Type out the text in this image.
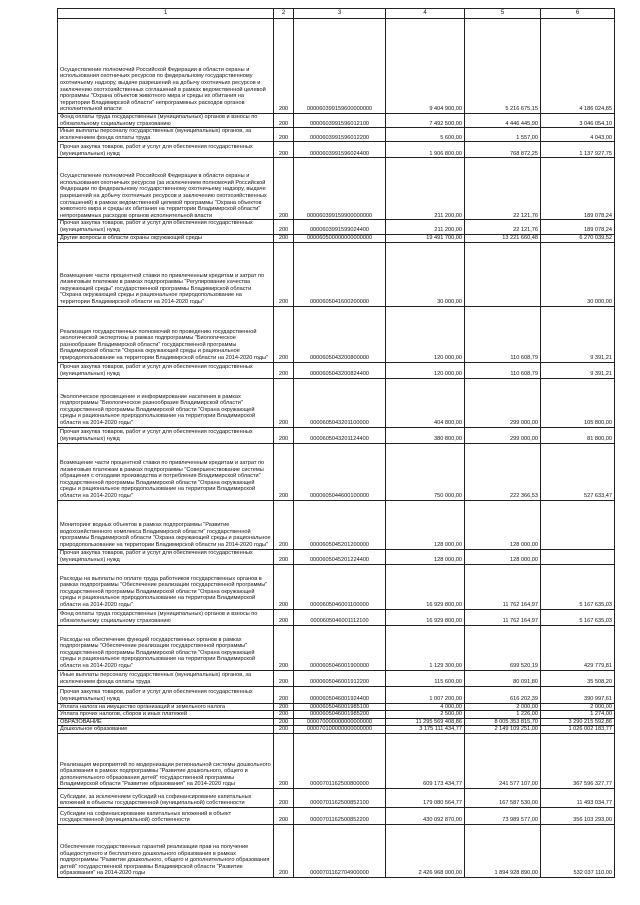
1	2	3	4	5	6
Осуществление полномочий Российской Федерации в области охраны и использования охотничьих ресурсов по федеральному государственному охотничьему надзору, выдаче разрешений на добычу охотничьих ресурсов и заключению охотхозяйственных соглашений в рамках ведомственной целевой программы "Охрана объектов животного мира и среды их обитания на территории Владимирской области" непрограммных расходов органов исполнительной власти	200	000060399159600000000	9 404 900,00	5 216 675,15	4 186 024,85
Фонд оплаты труда государственных (муниципальных) органов и взносы по обязательному социальному страхованию	200	0000603991596012100	7 492 500,00	4 446 445,90	3 046 054,10
Иные выплаты персоналу государственных (муниципальных) органов, за исключением фонда оплаты труда	200	0000603991596012200	5 600,00	1 557,00	4 043,00
Прочая закупка товаров, работ и услуг для обеспечения государственных (муниципальных) нужд	200	0000603991596024400	1 906 800,00	768 872,25	1 137 927,75
Осуществление полномочий Российской Федерации в области охраны и использования охотничьих ресурсов (за исключением полномочий Российской Федерации по федеральному государственному охотничьему надзору, выдаче разрешений на добычу охотничьих ресурсов и заключению охотхозяйственных соглашений) в рамках ведомственной целевой программы "Охрана объектов животного мира и среды их обитания на территории Владимирской области" непрограммных расходов органов исполнительной власти	200	000060399159900000000	211 200,00	22 121,76	189 078,24
Прочая закупка товаров, работ и услуг для обеспечения государственных (муниципальных) нужд	200	0000603991599024400	211 200,00	22 121,76	189 078,24
Другие вопросы в области охраны окружающей среды	200	000060500000000000000	19 491 700,00	13 221 660,48	6 270 039,52
Возмещение части процентной ставки по привлеченным кредитам и затрат по лизинговым платежам в рамках подпрограммы "Регулирование качества окружающей среды" государственной программы Владимирской области "Охрана окружающей среды и рациональное природопользование на территории Владимирской области на 2014-2020 годы"	200	0000605041600200000	30 000,00		30 000,00
Реализация государственных полномочий по проведению государственной экологической экспертизы в рамках подпрограммы "Биологическое разнообразие Владимирской области" государственной программы Владимирской области "Охрана окружающей среды и рациональное природопользование на территории Владимирской области на 2014-2020 годы"	200	0000605043200800000	120 000,00	110 608,79	9 391,21
Прочая закупка товаров, работ и услуг для обеспечения государственных (муниципальных) нужд	200	0000605043200824400	120 000,00	110 608,79	9 391,21
Экологическое просвещение и информирование населения в рамках подпрограммы "Биологическое разнообразие Владимирской области" государственной программы Владимирской области "Охрана окружающей среды и рациональное природопользование на территории Владимирской области на 2014-2020 годы"	200	0000605043201100000	404 800,00	299 000,00	105 800,00
Прочая закупка товаров, работ и услуг для обеспечения государственных (муниципальных) нужд	200	0000605043201124400	380 800,00	299 000,00	81 800,00
Возмещение части процентной ставки по привлеченным кредитам и затрат по лизинговым платежам в рамках подпрограммы "Совершенствование системы обращения с отходами производства и потребления Владимирской области" государственной программы Владимирской области "Охрана окружающей среды и рациональное природопользование на территории Владимирской области на 2014-2020 годы"	200	0000605044600100000	750 000,00	222 366,53	527 633,47
Мониторинг водных объектов в рамках подпрограммы "Развитие водохозяйственного комплекса Владимирской области" государственной программы Владимирской области "Охрана окружающей среды и рациональное природопользование на территории Владимирской области на 2014-2020 годы"	200	0000605045201200000	128 000,00	128 000,00	
Прочая закупка товаров, работ и услуг для обеспечения государственных (муниципальных) нужд	200	0000605045201224400	128 000,00	128 000,00	
Расходы на выплаты по оплате труда работников государственных органов в рамках подпрограммы "Обеспечение реализации государственной программы" государственной программы Владимирской области "Охрана окружающей среды и рациональное природопользование на территории Владимирской области на 2014-2020 годы"	200	0000605046001100000	16 929 800,00	11 762 164,97	5 167 635,03
Фонд оплаты труда государственных (муниципальных) органов и взносы по обязательному социальному страхованию	200	0000605046001112100	16 929 800,00	11 762 164,97	5 167 635,03
Расходы на обеспечение функций государственных органов в рамках подпрограммы "Обеспечение реализации государственной программы" государственной программы Владимирской области "Охрана окружающей среды и рациональное природопользование на территории Владимирской области на 2014-2020 годы"	200	0000605046001900000	1 129 300,00	699 520,19	429 779,81
Иные выплаты персоналу государственных (муниципальных) органов, за исключением фонда оплаты труда	200	0000605046001912200	115 600,00	80 091,80	35 508,20
Прочая закупка товаров, работ и услуг для обеспечения государственных (муниципальных) нужд	200	0000605046001924400	1 007 200,00	616 202,39	390 997,61
Уплата налога на имущество организаций и земельного налога	200	0000605046001985100	4 000,00	2 000,00	2 000,00
Уплата прочих налогов, сборов и иных платежей	200	0000605046001985200	2 500,00	1 226,00	1 274,00
ОБРАЗОВАНИЕ	200	000070000000000000000	11 295 569 408,86	8 005 353 815,70	3 290 215 592,86
Дошкольное образование	200	000070100000000000000	3 175 111 434,77	2 149 109 251,00	1 026 002 183,77
Реализация мероприятий по модернизации региональной системы дошкольного образования в рамках подпрограммы "Развитие дошкольного, общего и дополнительного образования детей" государственной программы Владимирской области "Развитие образования" на 2014-2020 годы	200	0000701162500800000	609 173 434,77	241 577 107,00	367 596 327,77
Субсидии, за исключением субсидий на софинансирование капитальных вложений в объекты государственной (муниципальной) собственности	200	0000701162500852100	179 080 564,77	167 587 530,00	11 493 034,77
Субсидии на софинансирование капитальных вложений в объект государственной (муниципальной) собственности	200	0000701162500852200	430 092 870,00	73 989 577,00	356 103 293,00
Обеспечение государственных гарантий реализации прав на получение общедоступного и бесплатного дошкольного образования в рамках подпрограммы "Развитие дошкольного, общего и дополнительного образования детей" государственной программы Владимирской области "Развитие образования" на 2014-2020 годы	200	0000701162704900000	2 426 968 000,00	1 894 928 890,00	532 037 110,00
